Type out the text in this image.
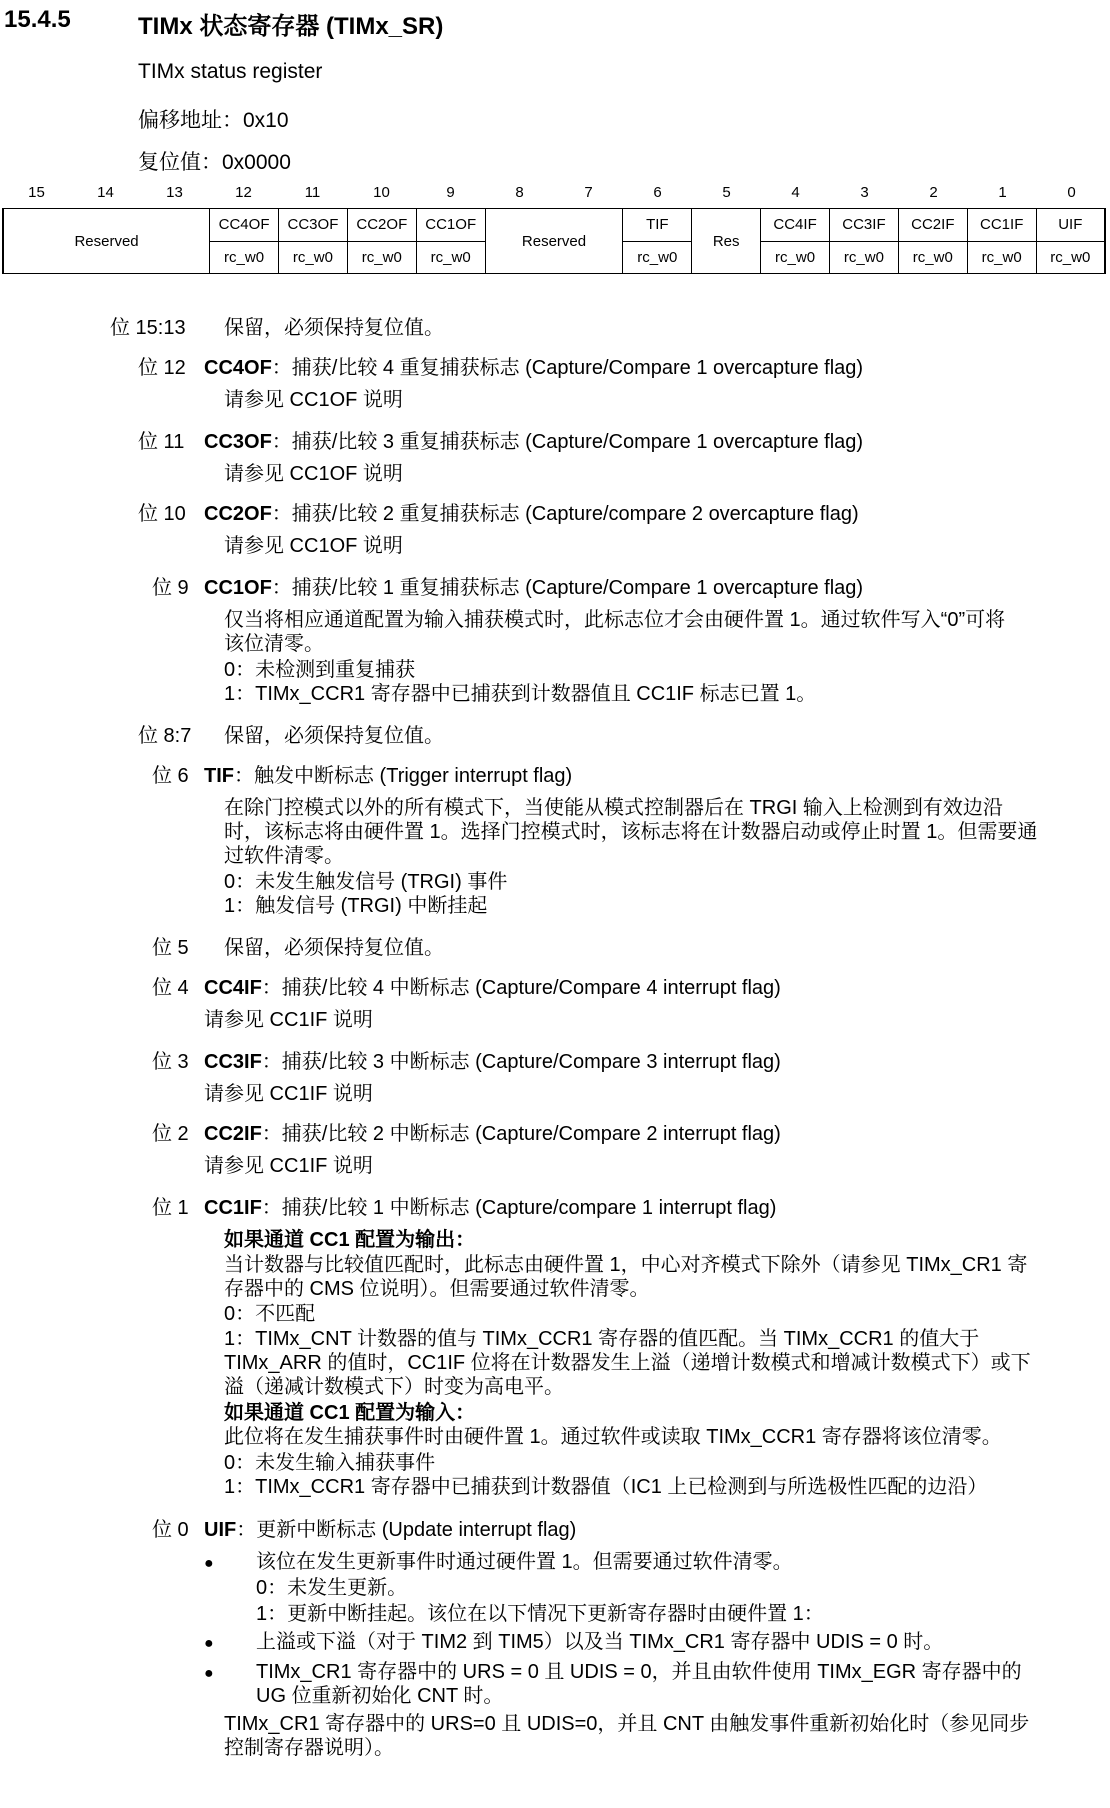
15.4.5	TIMx 状态寄存器 (TIMx_SR)
TIMx status register
偏移地址：0x10
复位值：0x0000
15	14	13	12	11	10	9	8	7	6	5	4	3	2	1	0
Reserved	CC4OF	CC3OF	CC2OF	CC1OF	Reserved	TIF	Res	CC4IF	CC3IF	CC2IF	CC1IF	UIF
	rc_w0	rc_w0	rc_w0	rc_w0		rc_w0		rc_w0	rc_w0	rc_w0	rc_w0	rc_w0
位 15:13 保留，必须保持复位值。
位 12 CC4OF：捕获/比较 4 重复捕获标志 (Capture/Compare 1 overcapture flag)
请参见 CC1OF 说明
位 11 CC3OF：捕获/比较 3 重复捕获标志 (Capture/Compare 1 overcapture flag)
请参见 CC1OF 说明
位 10 CC2OF：捕获/比较 2 重复捕获标志 (Capture/compare 2 overcapture flag)
请参见 CC1OF 说明
位 9 CC1OF：捕获/比较 1 重复捕获标志 (Capture/Compare 1 overcapture flag)
仅当将相应通道配置为输入捕获模式时，此标志位才会由硬件置 1。通过软件写入“0”可将
该位清零。
0：未检测到重复捕获
1：TIMx_CCR1 寄存器中已捕获到计数器值且 CC1IF 标志已置 1。
位 8:7 保留，必须保持复位值。
位 6 TIF：触发中断标志 (Trigger interrupt flag)
在除门控模式以外的所有模式下，当使能从模式控制器后在 TRGI 输入上检测到有效边沿
时，该标志将由硬件置 1。选择门控模式时，该标志将在计数器启动或停止时置 1。但需要通
过软件清零。
0：未发生触发信号 (TRGI) 事件
1：触发信号 (TRGI) 中断挂起
位 5 保留，必须保持复位值。
位 4 CC4IF：捕获/比较 4 中断标志 (Capture/Compare 4 interrupt flag)
请参见 CC1IF 说明
位 3 CC3IF：捕获/比较 3 中断标志 (Capture/Compare 3 interrupt flag)
请参见 CC1IF 说明
位 2 CC2IF：捕获/比较 2 中断标志 (Capture/Compare 2 interrupt flag)
请参见 CC1IF 说明
位 1 CC1IF：捕获/比较 1 中断标志 (Capture/compare 1 interrupt flag)
如果通道 CC1 配置为输出：
当计数器与比较值匹配时，此标志由硬件置 1，中心对齐模式下除外（请参见 TIMx_CR1 寄
存器中的 CMS 位说明）。但需要通过软件清零。
0：不匹配
1：TIMx_CNT 计数器的值与 TIMx_CCR1 寄存器的值匹配。当 TIMx_CCR1 的值大于
TIMx_ARR 的值时，CC1IF 位将在计数器发生上溢（递增计数模式和增减计数模式下）或下
溢（递减计数模式下）时变为高电平。
如果通道 CC1 配置为输入：
此位将在发生捕获事件时由硬件置 1。通过软件或读取 TIMx_CCR1 寄存器将该位清零。
0：未发生输入捕获事件
1：TIMx_CCR1 寄存器中已捕获到计数器值（IC1 上已检测到与所选极性匹配的边沿）
位 0 UIF：更新中断标志 (Update interrupt flag)
● 该位在发生更新事件时通过硬件置 1。但需要通过软件清零。
0：未发生更新。
1：更新中断挂起。该位在以下情况下更新寄存器时由硬件置 1：
● 上溢或下溢（对于 TIM2 到 TIM5）以及当 TIMx_CR1 寄存器中 UDIS = 0 时。
● TIMx_CR1 寄存器中的 URS = 0 且 UDIS = 0，并且由软件使用 TIMx_EGR 寄存器中的
UG 位重新初始化 CNT 时。
TIMx_CR1 寄存器中的 URS=0 且 UDIS=0，并且 CNT 由触发事件重新初始化时（参见同步
控制寄存器说明）。
